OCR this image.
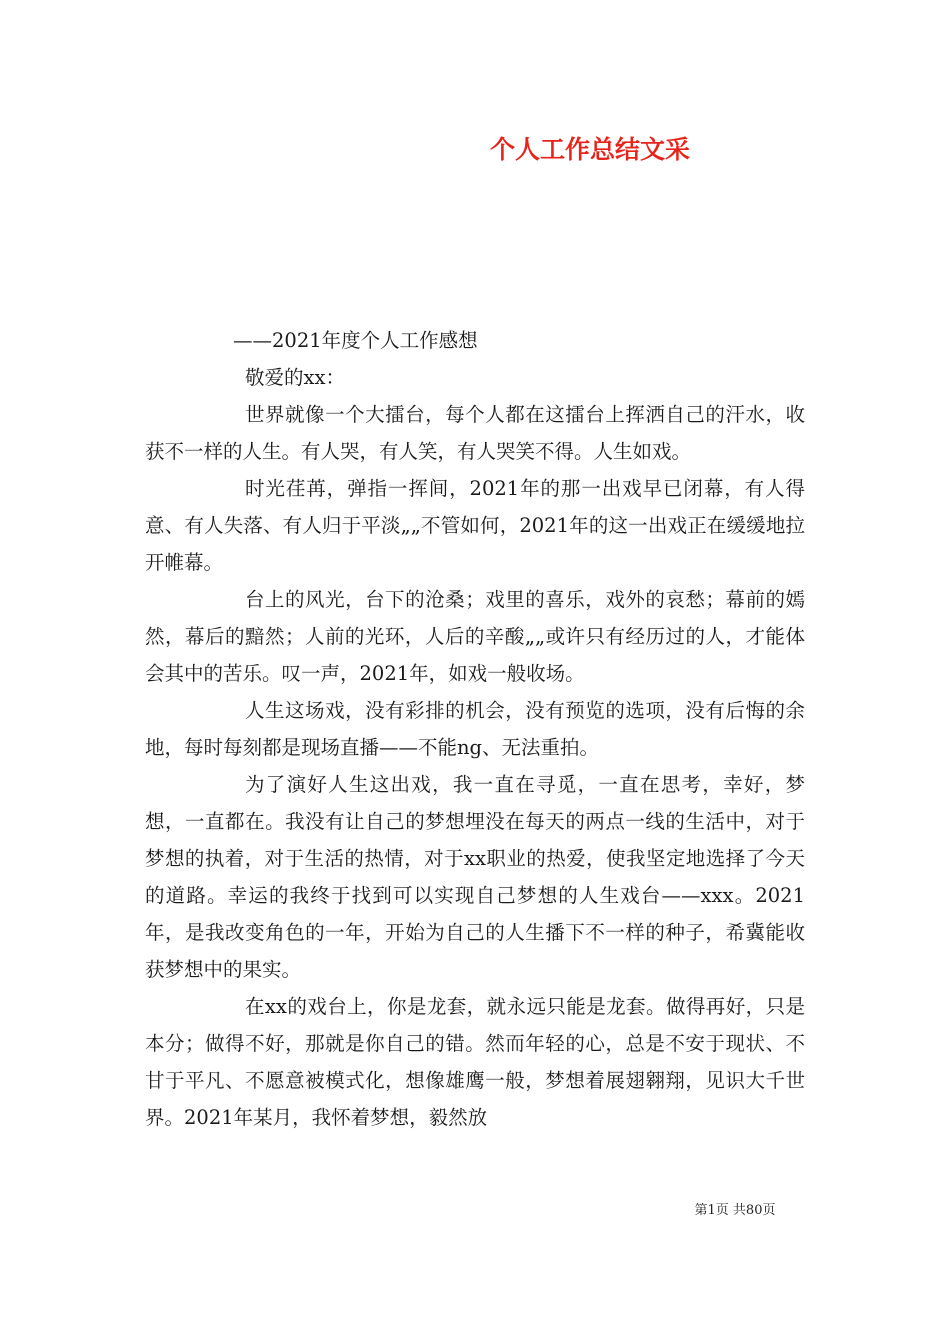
个人工作总结文采

——2021年度个人工作感想

敬爱的xx：

世界就像一个大擂台，每个人都在这擂台上挥洒自己的汗水，收获不一样的人生。有人哭，有人笑，有人哭笑不得。人生如戏。

时光荏苒，弹指一挥间，2021年的那一出戏早已闭幕，有人得意、有人失落、有人归于平淡„„不管如何，2021年的这一出戏正在缓缓地拉开帷幕。

台上的风光，台下的沧桑；戏里的喜乐，戏外的哀愁；幕前的嫣然，幕后的黯然；人前的光环，人后的辛酸„„或许只有经历过的人，才能体会其中的苦乐。叹一声，2021年，如戏一般收场。

人生这场戏，没有彩排的机会，没有预览的选项，没有后悔的余地，每时每刻都是现场直播——不能ng、无法重拍。

为了演好人生这出戏，我一直在寻觅，一直在思考，幸好，梦想，一直都在。我没有让自己的梦想埋没在每天的两点一线的生活中，对于梦想的执着，对于生活的热情，对于xx职业的热爱，使我坚定地选择了今天的道路。幸运的我终于找到可以实现自己梦想的人生戏台——xxx。2021年，是我改变角色的一年，开始为自己的人生播下不一样的种子，希冀能收获梦想中的果实。

在xx的戏台上，你是龙套，就永远只能是龙套。做得再好，只是本分；做得不好，那就是你自己的错。然而年轻的心，总是不安于现状、不甘于平凡、不愿意被模式化，想像雄鹰一般，梦想着展翅翱翔，见识大千世界。2021年某月，我怀着梦想，毅然放

第1页 共80页
